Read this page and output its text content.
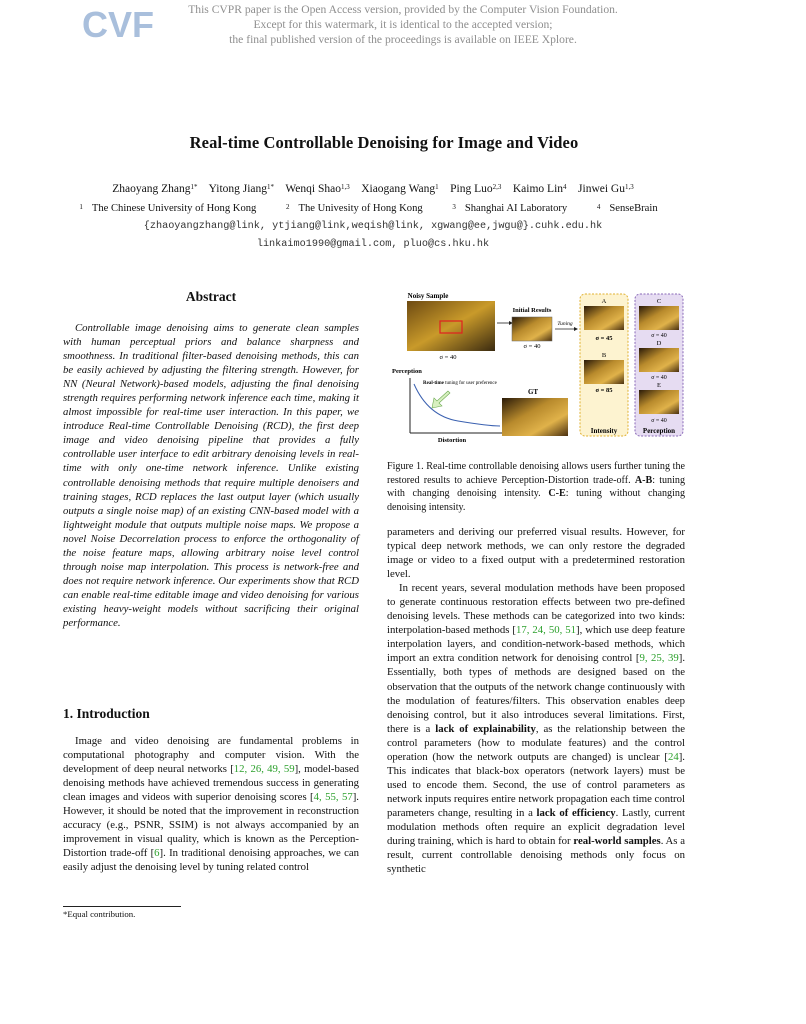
This CVPR paper is the Open Access version, provided by the Computer Vision Foundation.
Except for this watermark, it is identical to the accepted version;
the final published version of the proceedings is available on IEEE Xplore.
CVF
Real-time Controllable Denoising for Image and Video
Zhaoyang Zhang$^{1*}$ Yitong Jiang$^{1*}$ Wenqi Shao$^{1,3}$ Xiaogang Wang$^1$ Ping Luo$^{2,3}$ Kaimo Lin$^4$ Jinwei Gu$^{1,3}$
$^1$ The Chinese University of Hong Kong	$^2$ The Univesity of Hong Kong	$^3$ Shanghai AI Laboratory	$^4$ SenseBrain
{zhaoyangzhang@link, ytjiang@link,weqish@link, xgwang@ee,jwgu@}.cuhk.edu.hk
linkaimo1990@gmail.com, pluo@cs.hku.hk
Abstract

Controllable image denoising aims to generate clean samples with human perceptual priors and balance sharpness and smoothness. In traditional filter-based denoising methods, this can be easily achieved by adjusting the filtering strength. However, for NN (Neural Network)-based models, adjusting the final denoising strength requires performing network inference each time, making it almost impossible for real-time user interaction. In this paper, we introduce Real-time Controllable Denoising (RCD), the first deep image and video denoising pipeline that provides a fully controllable user interface to edit arbitrary denoising levels in real-time with only one-time network inference. Unlike existing controllable denoising methods that require multiple denoisers and training stages, RCD replaces the last output layer (which usually outputs a single noise map) of an existing CNN-based model with a lightweight module that outputs multiple noise maps. We propose a novel Noise Decorrelation process to enforce the orthogonality of the noise feature maps, allowing arbitrary noise level control through noise map interpolation. This process is network-free and does not require network inference. Our experiments show that RCD can enable real-time editable image and video denoising for various existing heavy-weight models without sacrificing their original performance.

1. Introduction

Image and video denoising are fundamental problems in computational photography and computer vision. With the development of deep neural networks [12, 26, 49, 59], model-based denoising methods have achieved tremendous success in generating clean images and videos with superior denoising scores [4, 55, 57]. However, it should be noted that the improvement in reconstruction accuracy (e.g., PSNR, SSIM) is not always accompanied by an improvement in visual quality, which is known as the Perception-Distortion trade-off [6]. In traditional denoising approaches, we can easily adjust the denoising level by tuning related control

*Equal contribution.
Noisy Sample
σ = 40
Initial Results
σ = 40
Tuning
A
σ = 45
B
σ = 85
Intensity
C
σ = 40
D
σ = 40
E
σ = 40
Perception
Perception
Distortion
Real-time tuning for user preference
GT

Figure 1. Real-time controllable denoising allows users further tuning the restored results to achieve Perception-Distortion trade-off. A-B: tuning with changing denoising intensity. C-E: tuning without changing denoising intensity.

parameters and deriving our preferred visual results. However, for typical deep network methods, we can only restore the degraded image or video to a fixed output with a predetermined restoration level.

In recent years, several modulation methods have been proposed to generate continuous restoration effects between two pre-defined denoising levels. These methods can be categorized into two kinds: interpolation-based methods [17, 24, 50, 51], which use deep feature interpolation layers, and condition-network-based methods, which import an extra condition network for denoising control [9, 25, 39]. Essentially, both types of methods are designed based on the observation that the outputs of the network change continuously with the modulation of features/filters. This observation enables deep denoising control, but it also introduces several limitations. First, there is a lack of explainability, as the relationship between the control parameters (how to modulate features) and the control operation (how the network outputs are changed) is unclear [24]. This indicates that black-box operators (network layers) must be used to encode them. Second, the use of control parameters as network inputs requires entire network propagation each time control parameters change, resulting in a lack of efficiency. Lastly, current modulation methods often require an explicit degradation level during training, which is hard to obtain for real-world samples. As a result, current controllable denoising methods only focus on synthetic
